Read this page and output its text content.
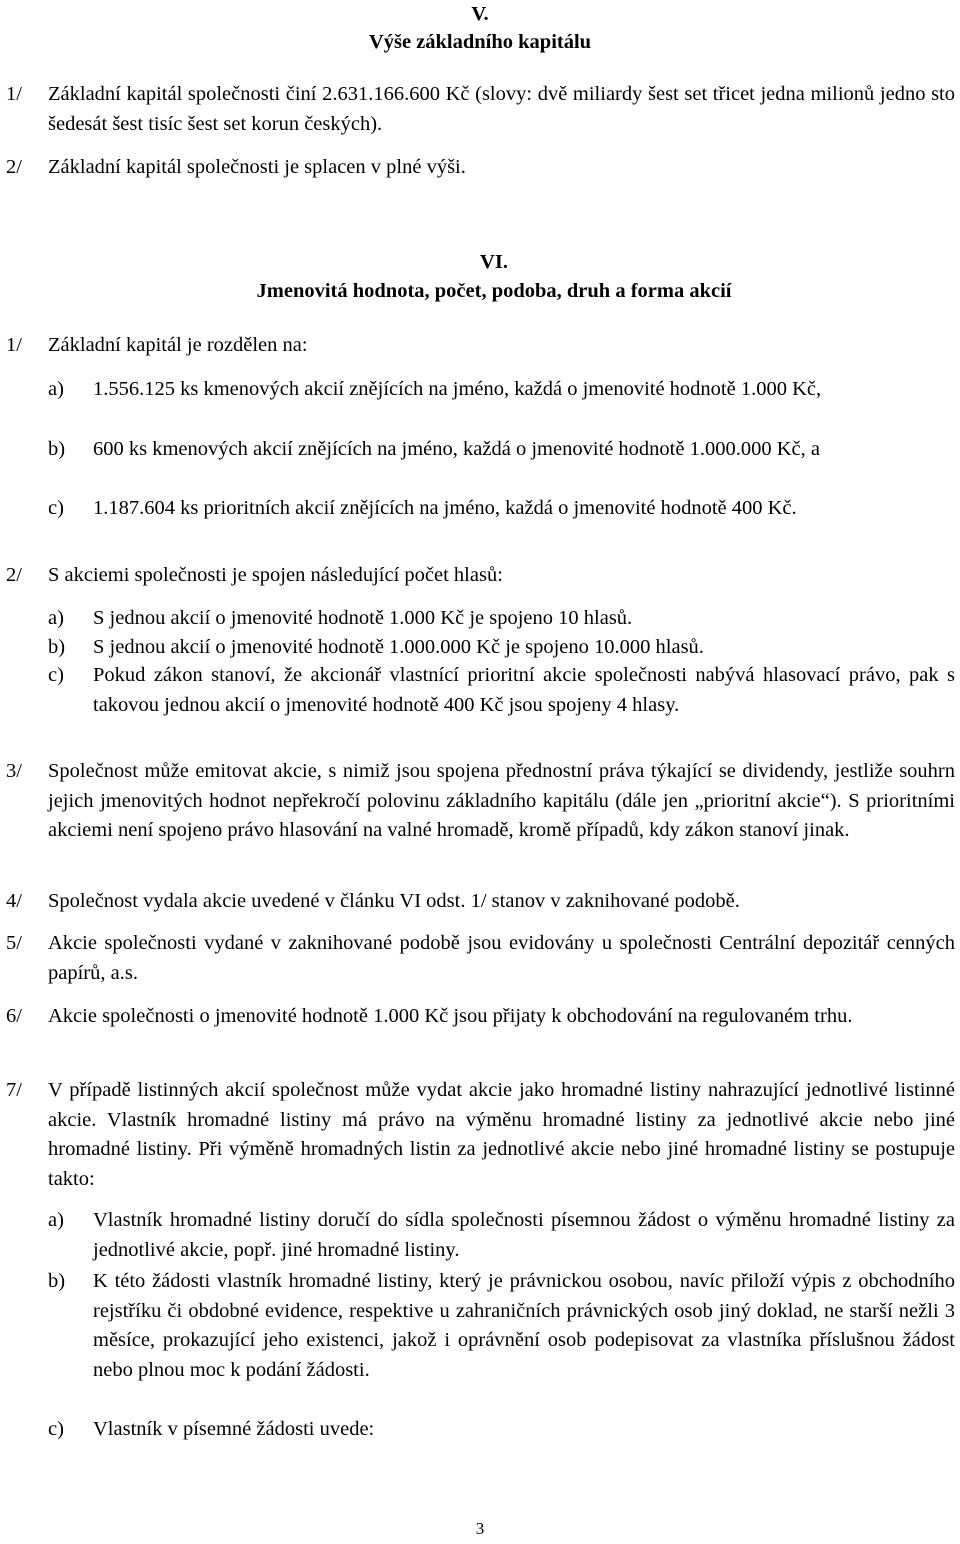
V.
Výše základního kapitálu
1/ Základní kapitál společnosti činí 2.631.166.600 Kč (slovy: dvě miliardy šest set třicet jedna milionů jedno sto šedesát šest tisíc šest set korun českých).
2/ Základní kapitál společnosti je splacen v plné výši.
VI.
Jmenovitá hodnota, počet, podoba, druh a forma akcií
1/ Základní kapitál je rozdělen na:
a) 1.556.125 ks kmenových akcií znějících na jméno, každá o jmenovité hodnotě 1.000 Kč,
b) 600 ks kmenových akcií znějících na jméno, každá o jmenovité hodnotě 1.000.000 Kč, a
c) 1.187.604 ks prioritních akcií znějících na jméno, každá o jmenovité hodnotě 400 Kč.
2/ S akciemi společnosti je spojen následující počet hlasů:
a) S jednou akcií o jmenovité hodnotě 1.000 Kč je spojeno 10 hlasů.
b) S jednou akcií o jmenovité hodnotě 1.000.000 Kč je spojeno 10.000 hlasů.
c) Pokud zákon stanoví, že akcionář vlastnící prioritní akcie společnosti nabývá hlasovací právo, pak s takovou jednou akcií o jmenovité hodnotě 400 Kč jsou spojeny 4 hlasy.
3/ Společnost může emitovat akcie, s nimiž jsou spojena přednostní práva týkající se dividendy, jestliže souhrn jejich jmenovitých hodnot nepřekročí polovinu základního kapitálu (dále jen „prioritní akcie“). S prioritními akciemi není spojeno právo hlasování na valné hromadě, kromě případů, kdy zákon stanoví jinak.
4/ Společnost vydala akcie uvedené v článku VI odst. 1/ stanov v zaknihované podobě.
5/ Akcie společnosti vydané v zaknihované podobě jsou evidovány u společnosti Centrální depozitář cenných papírů, a.s.
6/ Akcie společnosti o jmenovité hodnotě 1.000 Kč jsou přijaty k obchodování na regulovaném trhu.
7/ V případě listinných akcií společnost může vydat akcie jako hromadné listiny nahrazující jednotlivé listinné akcie. Vlastník hromadné listiny má právo na výměnu hromadné listiny za jednotlivé akcie nebo jiné hromadné listiny. Při výměně hromadných listin za jednotlivé akcie nebo jiné hromadné listiny se postupuje takto:
a) Vlastník hromadné listiny doručí do sídla společnosti písemnou žádost o výměnu hromadné listiny za jednotlivé akcie, popř. jiné hromadné listiny.
b) K této žádosti vlastník hromadné listiny, který je právnickou osobou, navíc přiloží výpis z obchodního rejstříku či obdobné evidence, respektive u zahraničních právnických osob jiný doklad, ne starší nežli 3 měsíce, prokazující jeho existenci, jakož i oprávnění osob podepisovat za vlastníka příslušnou žádost nebo plnou moc k podání žádosti.
c) Vlastník v písemné žádosti uvede:
3
